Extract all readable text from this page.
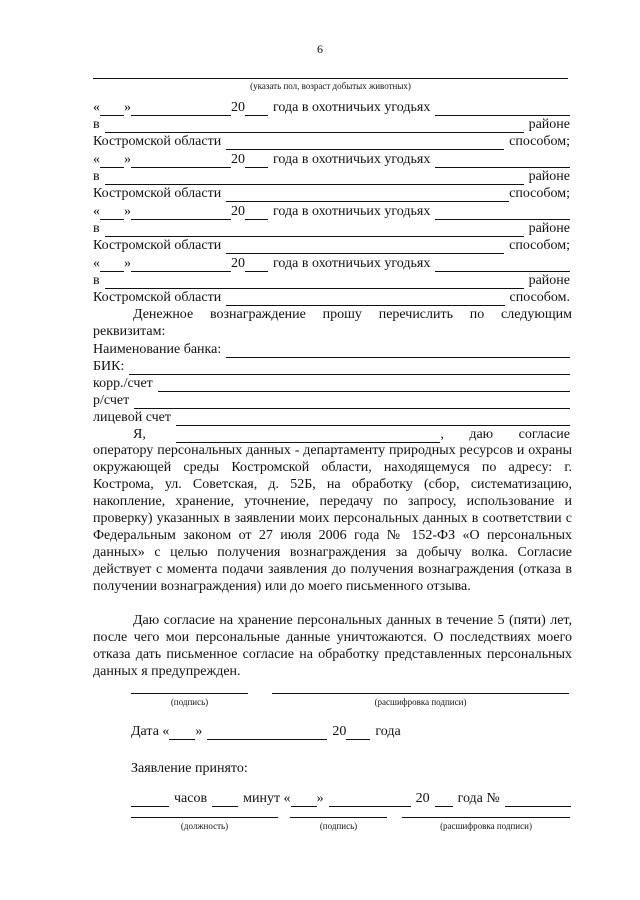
6
(указать пол, возраст добытых животных)
« »	20 года в охотничьих угодьях
в	районе
Костромской области	способом;
« »	20 года в охотничьих угодьях
в	районе
Костромской области	способом;
« »	20 года в охотничьих угодьях
в	районе
Костромской области	способом;
« »	20 года в охотничьих угодьях
в	районе
Костромской области	способом.
Денежное вознаграждение прошу перечислить по следующим реквизитам:
Наименование банка:
БИК:
корр./счет
р/счет
лицевой счет
Я,	, даю согласие
оператору персональных данных - департаменту природных ресурсов и охраны окружающей среды Костромской области, находящемуся по адресу: г. Кострома, ул. Советская, д. 52Б, на обработку (сбор, систематизацию, накопление, хранение, уточнение, передачу по запросу, использование и проверку) указанных в заявлении моих персональных данных в соответствии с Федеральным законом от 27 июля 2006 года № 152-ФЗ «О персональных данных» с целью получения вознаграждения за добычу волка. Согласие действует с момента подачи заявления до получения вознаграждения (отказа в получении вознаграждения) или до моего письменного отзыва.
Даю согласие на хранение персональных данных в течение 5 (пяти) лет, после чего мои персональные данные уничтожаются. О последствиях моего отказа дать письменное согласие на обработку представленных персональных данных я предупрежден.
(подпись)	(расшифровка подписи)
Дата « »	20 года
Заявление принято:
часов	минут « »	20 года №
(должность)	(подпись)	(расшифровка подписи)
